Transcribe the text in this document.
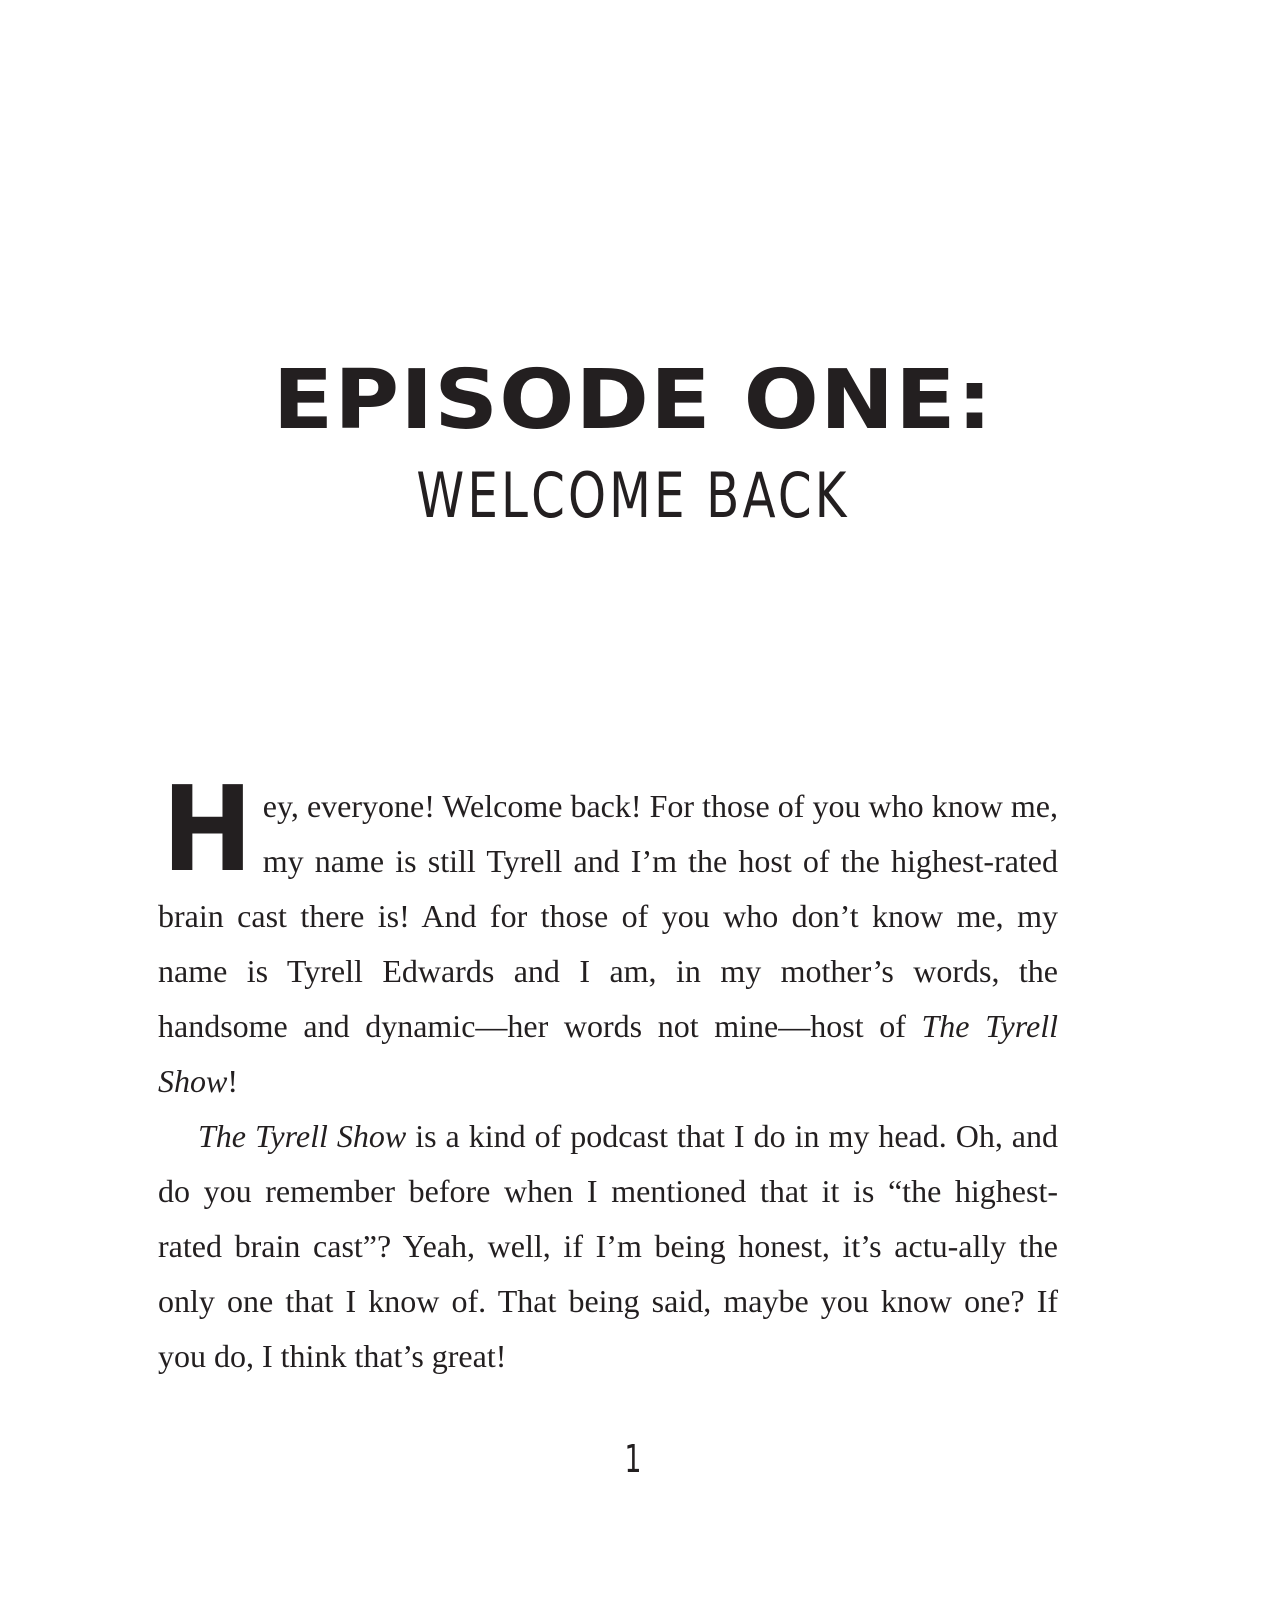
EPISODE ONE:
WELCOME BACK

Hey, everyone! Welcome back! For those of you who know me, my name is still Tyrell and I’m the host of the highest-rated brain cast there is! And for those of you who don’t know me, my name is Tyrell Edwards and I am, in my mother’s words, the handsome and dynamic—her words not mine—host of The Tyrell Show!

The Tyrell Show is a kind of podcast that I do in my head. Oh, and do you remember before when I mentioned that it is “the highest-rated brain cast”? Yeah, well, if I’m being honest, it’s actu-ally the only one that I know of. That being said, maybe you know one? If you do, I think that’s great!

1
